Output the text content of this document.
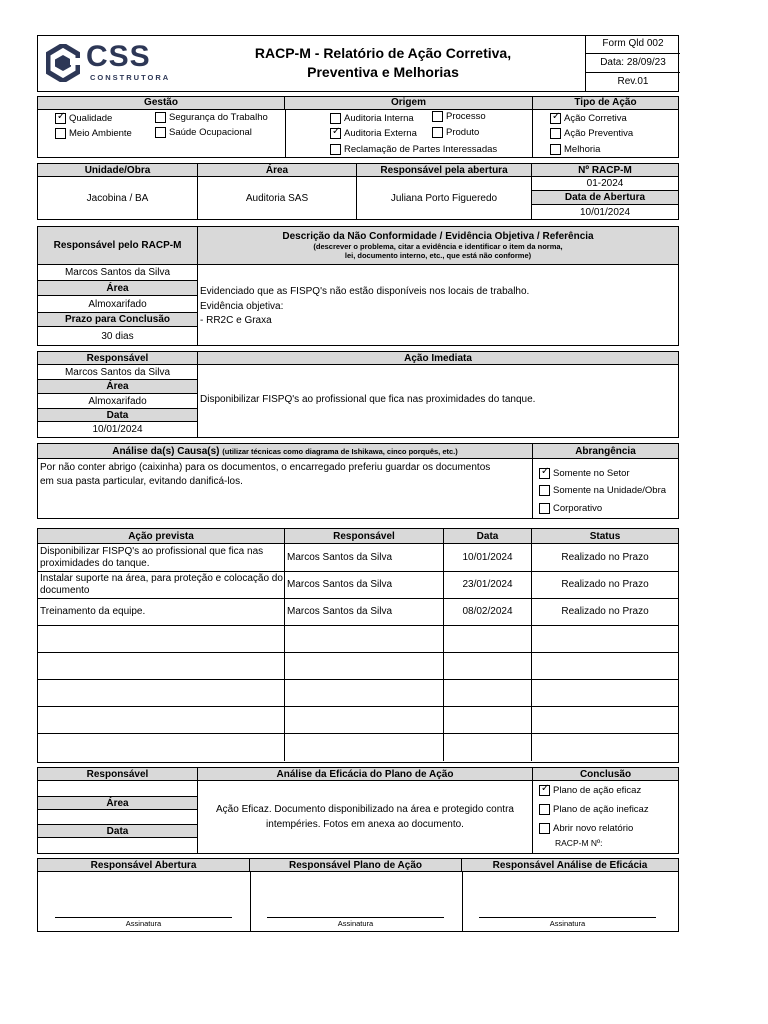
CSS
CONSTRUTORA
RACP-M - Relatório de Ação Corretiva,
Preventiva e Melhorias
Form Qld 002
Data: 28/09/23
Rev.01
Gestão	Origem	Tipo de Ação
✓
Qualidade	Segurança do Trabalho
Meio Ambiente	Saúde Ocupacional
Auditoria Interna	Processo
✓
Auditoria Externa	Produto
Reclamação de Partes Interessadas
✓
Ação Corretiva
Ação Preventiva
Melhoria
Unidade/Obra	Área	Responsável pela abertura	Nº RACP-M
Jacobina / BA	Auditoria SAS	Juliana Porto Figueredo
01-2024
Data de Abertura
10/01/2024
Responsável pelo RACP-M
Descrição da Não Conformidade / Evidência Objetiva / Referência
(descrever o problema, citar a evidência e identificar o item da norma,
lei, documento interno, etc., que está não conforme)
Marcos Santos da Silva
Área
Almoxarifado
Prazo para Conclusão
30 dias
Evidenciado que as FISPQ's não estão disponíveis nos locais de trabalho.
Evidência objetiva:
- RR2C e Graxa
Responsável	Ação Imediata
Marcos Santos da Silva
Área
Almoxarifado
Data
10/01/2024
Disponibilizar FISPQ's ao profissional que fica nas proximidades do tanque.
Análise da(s) Causa(s)
(utilizar técnicas como diagrama de Ishikawa, cinco porquês, etc.)	Abrangência
Por não conter abrigo (caixinha) para os documentos, o encarregado preferiu guardar os documentos
em sua pasta particular, evitando danificá-los.
✓
Somente no Setor
Somente na Unidade/Obra
Corporativo
Ação prevista	Responsável	Data	Status
Disponibilizar FISPQ's ao profissional que fica nas proximidades do tanque.
Marcos Santos da Silva	10/01/2024	Realizado no Prazo
Instalar suporte na área, para proteção e colocação do documento
Marcos Santos da Silva	23/01/2024	Realizado no Prazo
Treinamento da equipe.	Marcos Santos da Silva	08/02/2024	Realizado no Prazo
Responsável	Análise da Eficácia do Plano de Ação	Conclusão
Área
Data
Ação Eficaz. Documento disponibilizado na área e protegido contra
intempéries. Fotos em anexa ao documento.
✓
Plano de ação eficaz
Plano de ação ineficaz
Abrir novo relatório
RACP-M Nº:
Responsável Abertura	Responsável Plano de Ação	Responsável Análise de Eficácia
Assinatura	Assinatura	Assinatura
